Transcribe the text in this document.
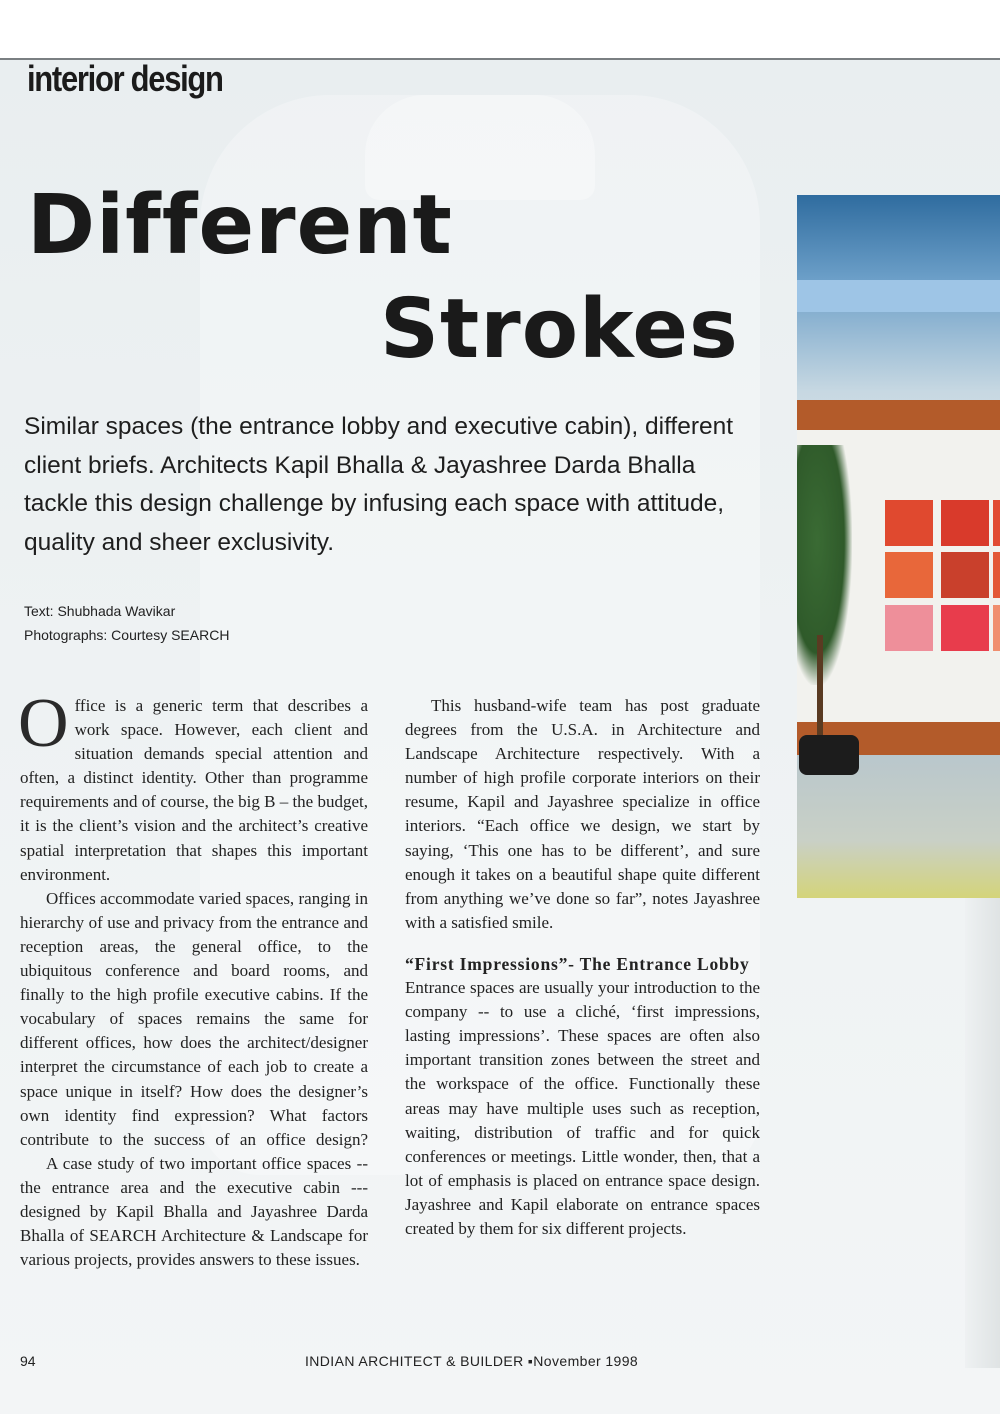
interior design
Different
Strokes
Similar spaces (the entrance lobby and executive cabin), different
client briefs. Architects Kapil Bhalla & Jayashree Darda Bhalla
tackle this design challenge by infusing each space with attitude,
quality and sheer exclusivity.
Text: Shubhada Wavikar
Photographs: Courtesy SEARCH

Office is a generic term that describes a work space. However, each client and situation demands special attention and often, a distinct identity. Other than programme requirements and of course, the big B – the budget, it is the client’s vision and the architect’s creative spatial interpretation that shapes this important environment.

Offices accommodate varied spaces, ranging in hierarchy of use and privacy from the entrance and reception areas, the general office, to the ubiquitous conference and board rooms, and finally to the high profile executive cabins. If the vocabulary of spaces remains the same for different offices, how does the architect/designer interpret the circumstance of each job to create a space unique in itself? How does the designer’s own identity find expression? What factors contribute to the success of an office design?

A case study of two important office spaces -- the entrance area and the executive cabin --- designed by Kapil Bhalla and Jayashree Darda Bhalla of SEARCH Architecture & Landscape for various projects, provides answers to these issues.

This husband-wife team has post graduate degrees from the U.S.A. in Architecture and Landscape Architecture respectively. With a number of high profile corporate interiors on their resume, Kapil and Jayashree specialize in office interiors. “Each office we design, we start by saying, ‘This one has to be different’, and sure enough it takes on a beautiful shape quite different from anything we’ve done so far”, notes Jayashree with a satisfied smile.

“First Impressions”- The Entrance Lobby

Entrance spaces are usually your introduction to the company -- to use a cliché, ‘first impressions, lasting impressions’. These spaces are often also important transition zones between the street and the workspace of the office. Functionally these areas may have multiple uses such as reception, waiting, distribution of traffic and for quick conferences or meetings. Little wonder, then, that a lot of emphasis is placed on entrance space design. Jayashree and Kapil elaborate on entrance spaces created by them for six different projects.

94	INDIAN ARCHITECT & BUILDER ▪November 1998
